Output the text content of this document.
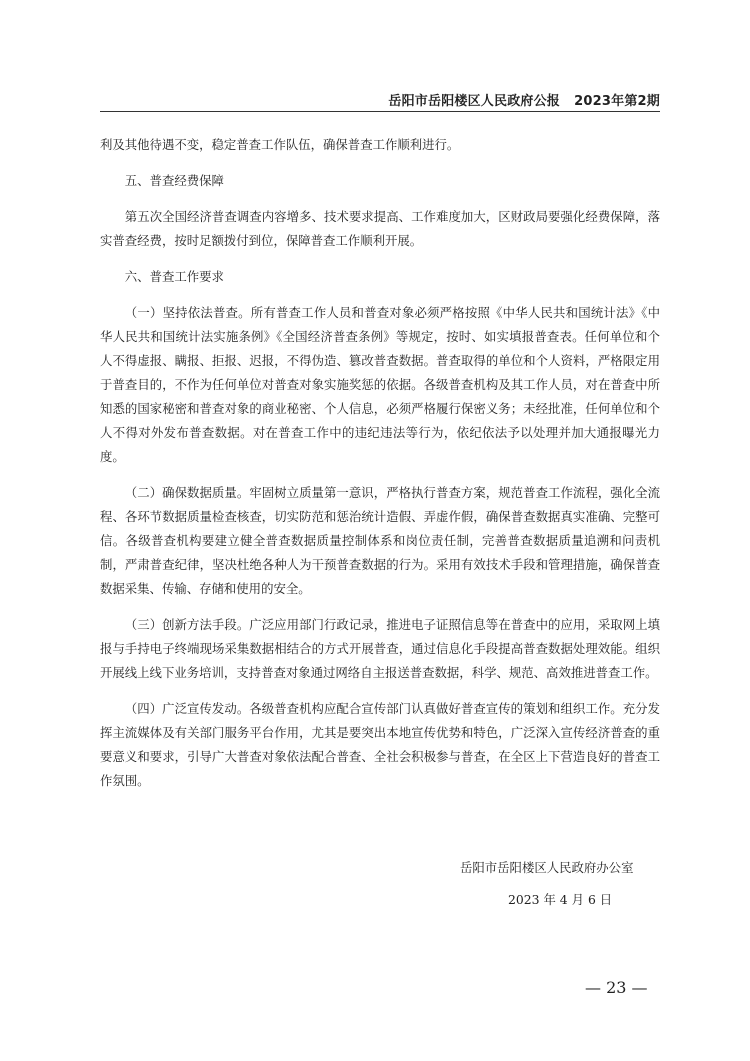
岳阳市岳阳楼区人民政府公报   2023年第2期

利及其他待遇不变，稳定普查工作队伍，确保普查工作顺利进行。

五、普查经费保障

第五次全国经济普查调查内容增多、技术要求提高、工作难度加大，区财政局要强化经费保障，落实普查经费，按时足额拨付到位，保障普查工作顺利开展。

六、普查工作要求

（一）坚持依法普查。所有普查工作人员和普查对象必须严格按照《中华人民共和国统计法》《中华人民共和国统计法实施条例》《全国经济普查条例》等规定，按时、如实填报普查表。任何单位和个人不得虚报、瞒报、拒报、迟报，不得伪造、篡改普查数据。普查取得的单位和个人资料，严格限定用于普查目的，不作为任何单位对普查对象实施奖惩的依据。各级普查机构及其工作人员，对在普查中所知悉的国家秘密和普查对象的商业秘密、个人信息，必须严格履行保密义务；未经批准，任何单位和个人不得对外发布普查数据。对在普查工作中的违纪违法等行为，依纪依法予以处理并加大通报曝光力度。

（二）确保数据质量。牢固树立质量第一意识，严格执行普查方案，规范普查工作流程，强化全流程、各环节数据质量检查核查，切实防范和惩治统计造假、弄虚作假，确保普查数据真实准确、完整可信。各级普查机构要建立健全普查数据质量控制体系和岗位责任制，完善普查数据质量追溯和问责机制，严肃普查纪律，坚决杜绝各种人为干预普查数据的行为。采用有效技术手段和管理措施，确保普查数据采集、传输、存储和使用的安全。

（三）创新方法手段。广泛应用部门行政记录，推进电子证照信息等在普查中的应用，采取网上填报与手持电子终端现场采集数据相结合的方式开展普查，通过信息化手段提高普查数据处理效能。组织开展线上线下业务培训，支持普查对象通过网络自主报送普查数据，科学、规范、高效推进普查工作。

（四）广泛宣传发动。各级普查机构应配合宣传部门认真做好普查宣传的策划和组织工作。充分发挥主流媒体及有关部门服务平台作用，尤其是要突出本地宣传优势和特色，广泛深入宣传经济普查的重要意义和要求，引导广大普查对象依法配合普查、全社会积极参与普查，在全区上下营造良好的普查工作氛围。

岳阳市岳阳楼区人民政府办公室
2023 年 4 月 6 日
— 23 —
